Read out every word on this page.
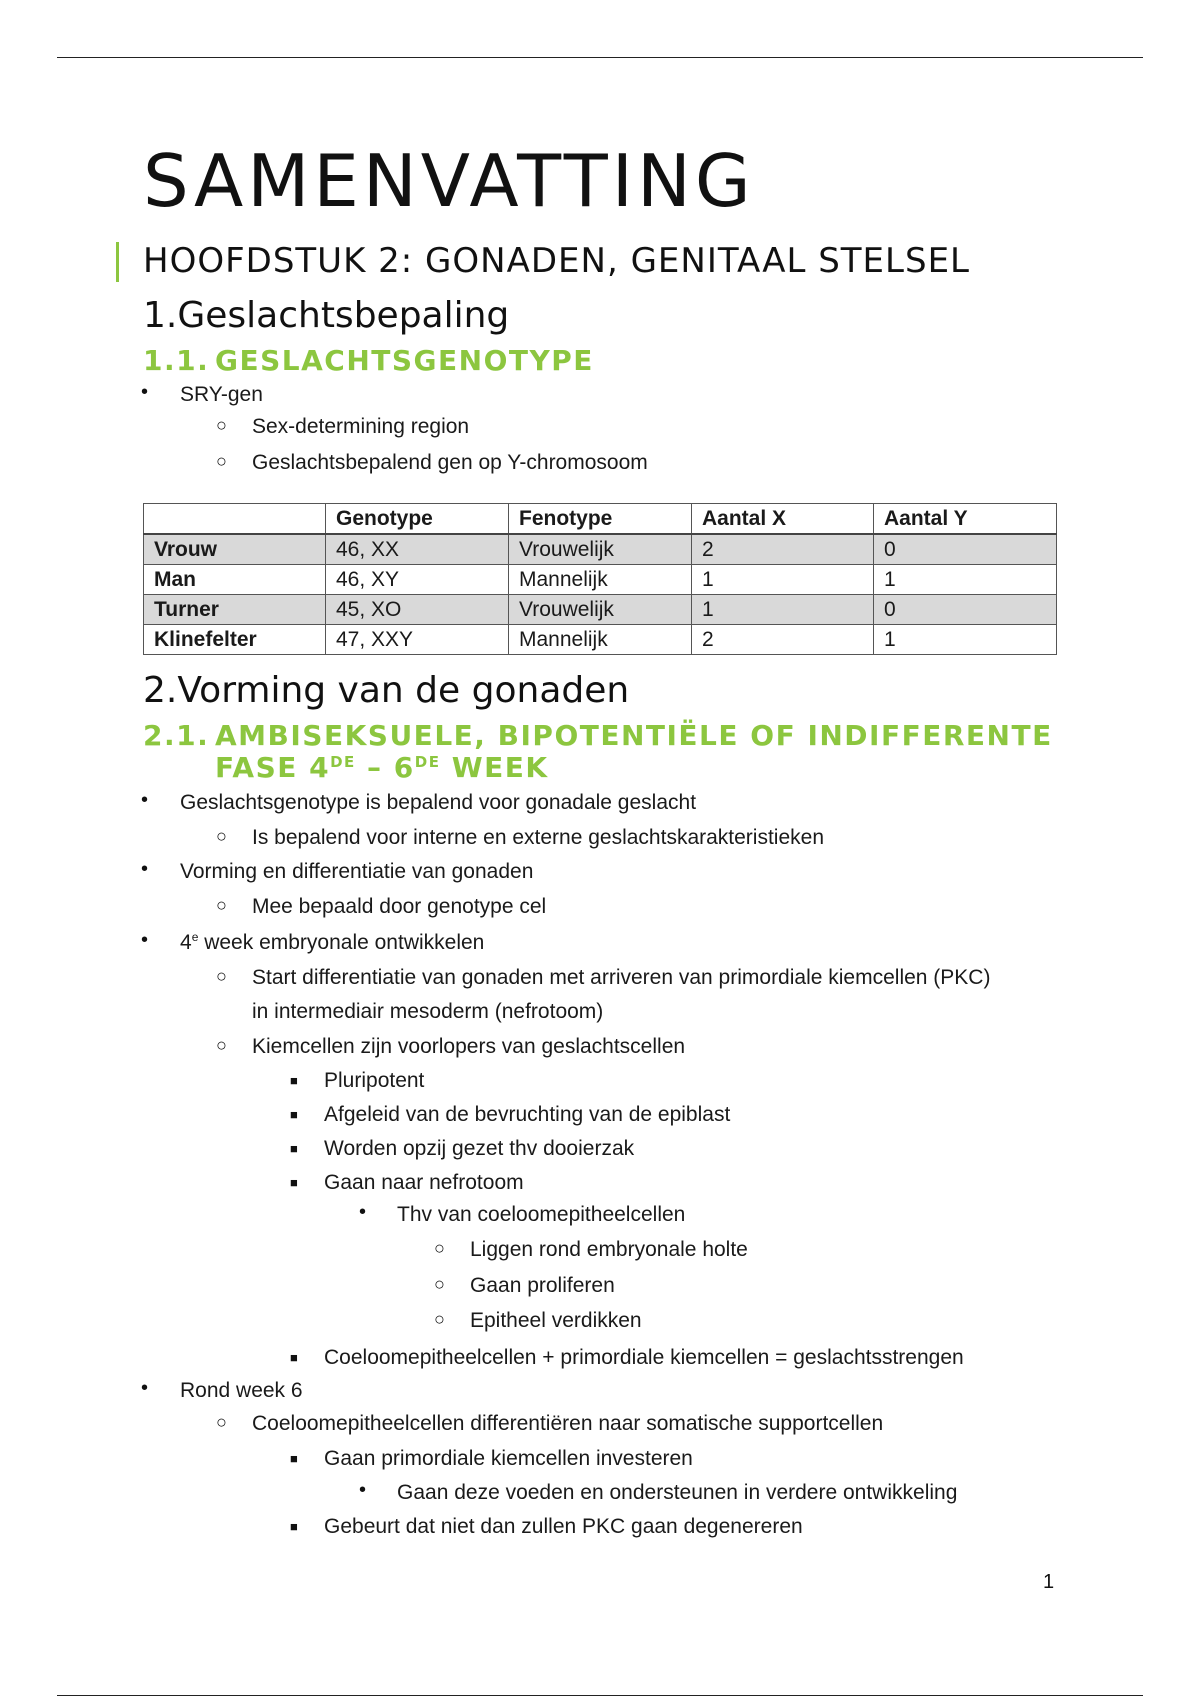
SAMENVATTING
HOOFDSTUK 2: GONADEN, GENITAAL STELSEL
1.Geslachtsbepaling
1.1. GESLACHTSGENOTYPE
• SRY-gen
○ Sex-determining region
○ Geslachtsbepalend gen op Y-chromosoom
	Genotype	Fenotype	Aantal X	Aantal Y
Vrouw	46, XX	Vrouwelijk	2	0
Man	46, XY	Mannelijk	1	1
Turner	45, XO	Vrouwelijk	1	0
Klinefelter	47, XXY	Mannelijk	2	1
2.Vorming van de gonaden
2.1. AMBISEKSUELE, BIPOTENTIËLE OF INDIFFERENTE
FASE 4DE – 6DE WEEK
• Geslachtsgenotype is bepalend voor gonadale geslacht
○ Is bepalend voor interne en externe geslachtskarakteristieken
• Vorming en differentiatie van gonaden
○ Mee bepaald door genotype cel
• 4e week embryonale ontwikkelen
○ Start differentiatie van gonaden met arriveren van primordiale kiemcellen (PKC)
in intermediair mesoderm (nefrotoom)
○ Kiemcellen zijn voorlopers van geslachtscellen
■ Pluripotent
■ Afgeleid van de bevruchting van de epiblast
■ Worden opzij gezet thv dooierzak
■ Gaan naar nefrotoom
• Thv van coeloomepitheelcellen
○ Liggen rond embryonale holte
○ Gaan proliferen
○ Epitheel verdikken
■ Coeloomepitheelcellen + primordiale kiemcellen = geslachtsstrengen
• Rond week 6
○ Coeloomepitheelcellen differentiëren naar somatische supportcellen
■ Gaan primordiale kiemcellen investeren
• Gaan deze voeden en ondersteunen in verdere ontwikkeling
■ Gebeurt dat niet dan zullen PKC gaan degenereren
1
